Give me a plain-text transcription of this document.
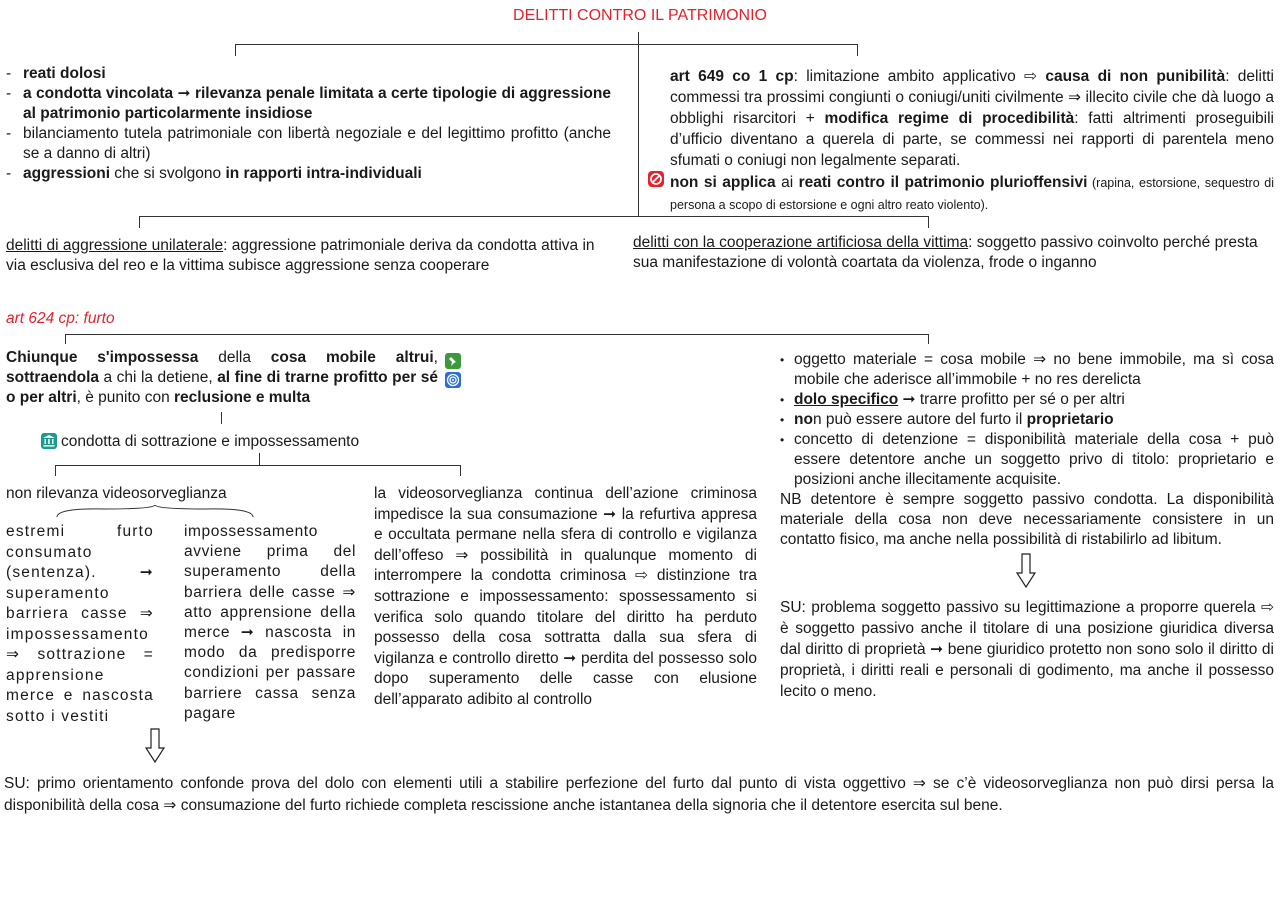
DELITTI CONTRO IL PATRIMONIO
- reati dolosi
- a condotta vincolata ➞ rilevanza penale limitata a certe tipologie di aggressione al patrimonio particolarmente insidiose
- bilanciamento tutela patrimoniale con libertà negoziale e del legittimo profitto (anche se a danno di altri)
- aggressioni che si svolgono in rapporti intra-individuali
art 649 co 1 cp: limitazione ambito applicativo ⇨ causa di non punibilità: delitti commessi tra prossimi congiunti o coniugi/uniti civilmente ⇒ illecito civile che dà luogo a obblighi risarcitori + modifica regime di procedibilità: fatti altrimenti proseguibili d’ufficio diventano a querela di parte, se commessi nei rapporti di parentela meno sfumati o coniugi non legalmente separati.
non si applica ai reati contro il patrimonio plurioffensivi (rapina, estorsione, sequestro di persona a scopo di estorsione e ogni altro reato violento).
delitti di aggressione unilaterale: aggressione patrimoniale deriva da condotta attiva in via esclusiva del reo e la vittima subisce aggressione senza cooperare
delitti con la cooperazione artificiosa della vittima: soggetto passivo coinvolto perché presta sua manifestazione di volontà coartata da violenza, frode o inganno
art 624 cp: furto
Chiunque s'impossessa della cosa mobile altrui, sottraendola a chi la detiene, al fine di trarne profitto per sé o per altri, è punito con reclusione e multa
condotta di sottrazione e impossessamento
non rilevanza videosorveglianza
estremi furto consumato (sentenza). ➞ superamento barriera casse ⇒ impossessamento ⇒ sottrazione = apprensione merce e nascosta sotto i vestiti
impossessamento avviene prima del superamento della barriera delle casse ⇒ atto apprensione della merce ➞ nascosta in modo da predisporre condizioni per passare barriere cassa senza pagare
la videosorveglianza continua dell’azione criminosa impedisce la sua consumazione ➞ la refurtiva appresa e occultata permane nella sfera di controllo e vigilanza dell’offeso ⇒ possibilità in qualunque momento di interrompere la condotta criminosa ⇨ distinzione tra sottrazione e impossessamento: spossessamento si verifica solo quando titolare del diritto ha perduto possesso della cosa sottratta dalla sua sfera di vigilanza e controllo diretto ➞ perdita del possesso solo dopo superamento delle casse con elusione dell’apparato adibito al controllo
• oggetto materiale = cosa mobile ⇒ no bene immobile, ma sì cosa mobile che aderisce all’immobile + no res derelicta
• dolo specifico ➞ trarre profitto per sé o per altri
• non può essere autore del furto il proprietario
• concetto di detenzione = disponibilità materiale della cosa + può essere detentore anche un soggetto privo di titolo: proprietario e posizioni anche illecitamente acquisite.
NB detentore è sempre soggetto passivo condotta. La disponibilità materiale della cosa non deve necessariamente consistere in un contatto fisico, ma anche nella possibilità di ristabilirlo ad libitum.
SU: problema soggetto passivo su legittimazione a proporre querela ⇨ è soggetto passivo anche il titolare di una posizione giuridica diversa dal diritto di proprietà ➞ bene giuridico protetto non sono solo il diritto di proprietà, i diritti reali e personali di godimento, ma anche il possesso lecito o meno.
SU: primo orientamento confonde prova del dolo con elementi utili a stabilire perfezione del furto dal punto di vista oggettivo ⇒ se c’è videosorveglianza non può dirsi persa la disponibilità della cosa ⇒ consumazione del furto richiede completa rescissione anche istantanea della signoria che il detentore esercita sul bene.
